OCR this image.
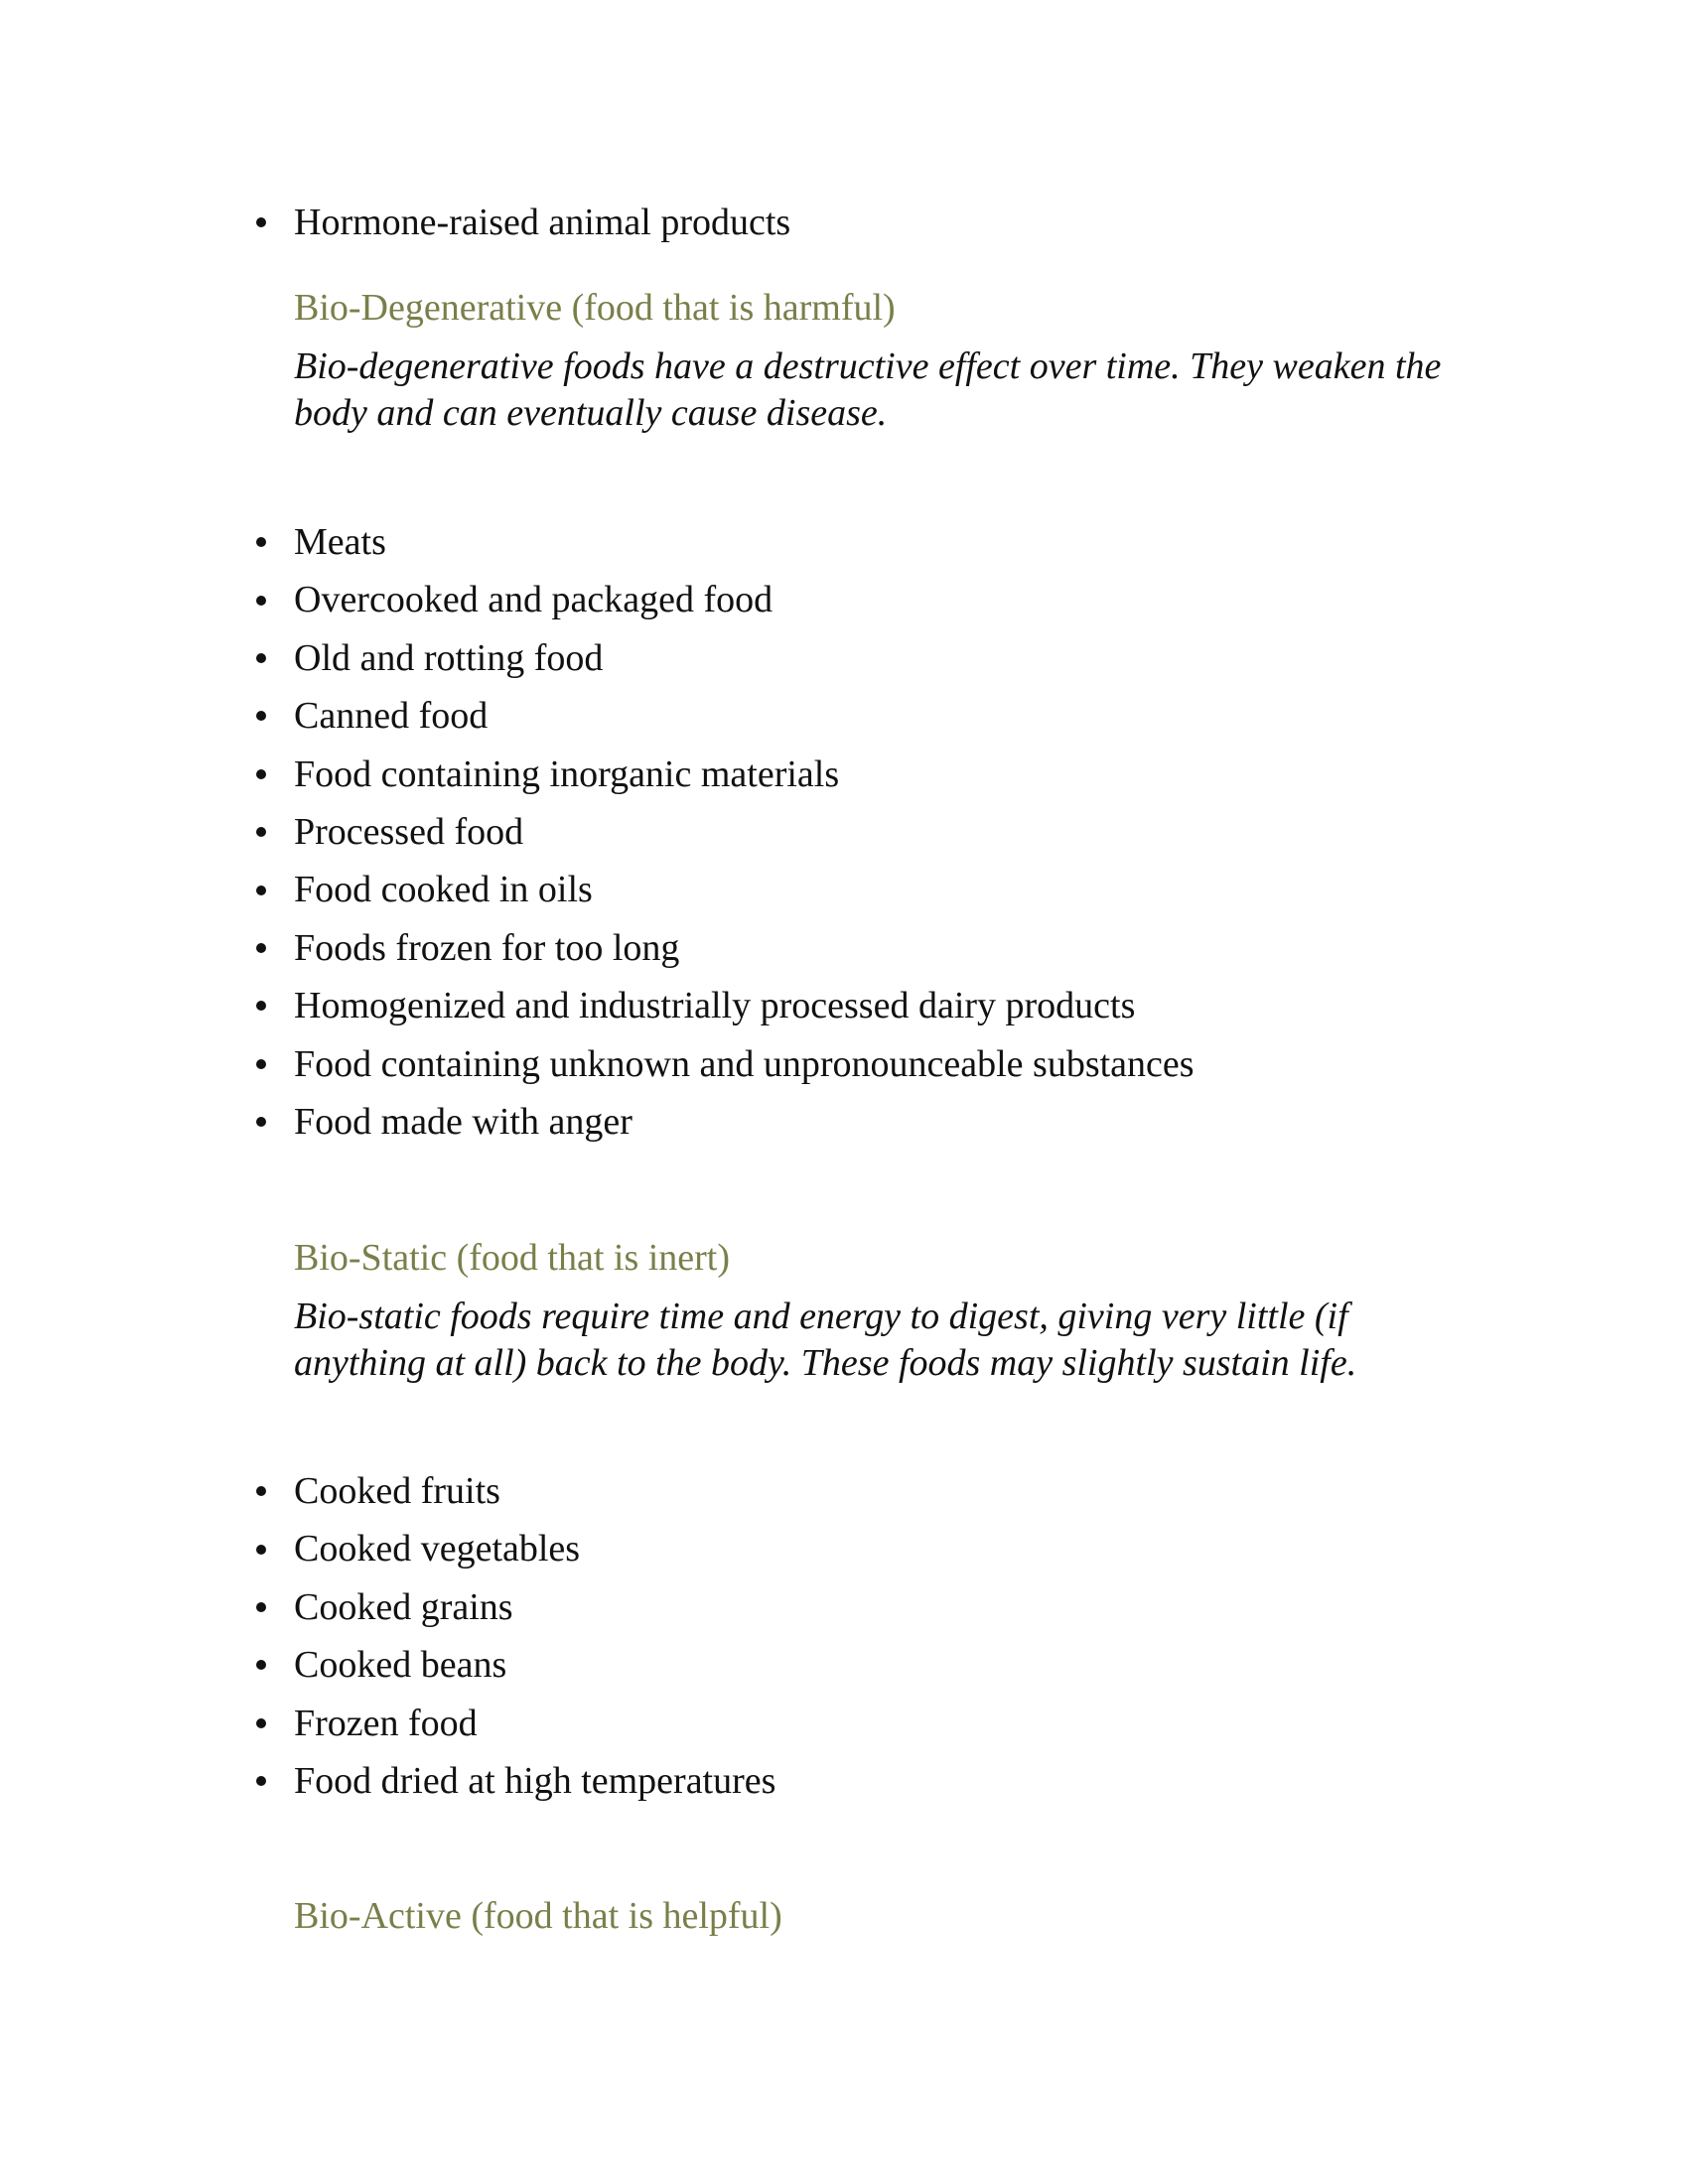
Hormone-raised animal products
Bio-Degenerative (food that is harmful)

Bio-degenerative foods have a destructive effect over time. They weaken the body and can eventually cause disease.

Meats
Overcooked and packaged food
Old and rotting food
Canned food
Food containing inorganic materials
Processed food
Food cooked in oils
Foods frozen for too long
Homogenized and industrially processed dairy products
Food containing unknown and unpronounceable substances
Food made with anger
Bio-Static (food that is inert)

Bio-static foods require time and energy to digest, giving very little (if anything at all) back to the body. These foods may slightly sustain life.

Cooked fruits
Cooked vegetables
Cooked grains
Cooked beans
Frozen food
Food dried at high temperatures
Bio-Active (food that is helpful)
